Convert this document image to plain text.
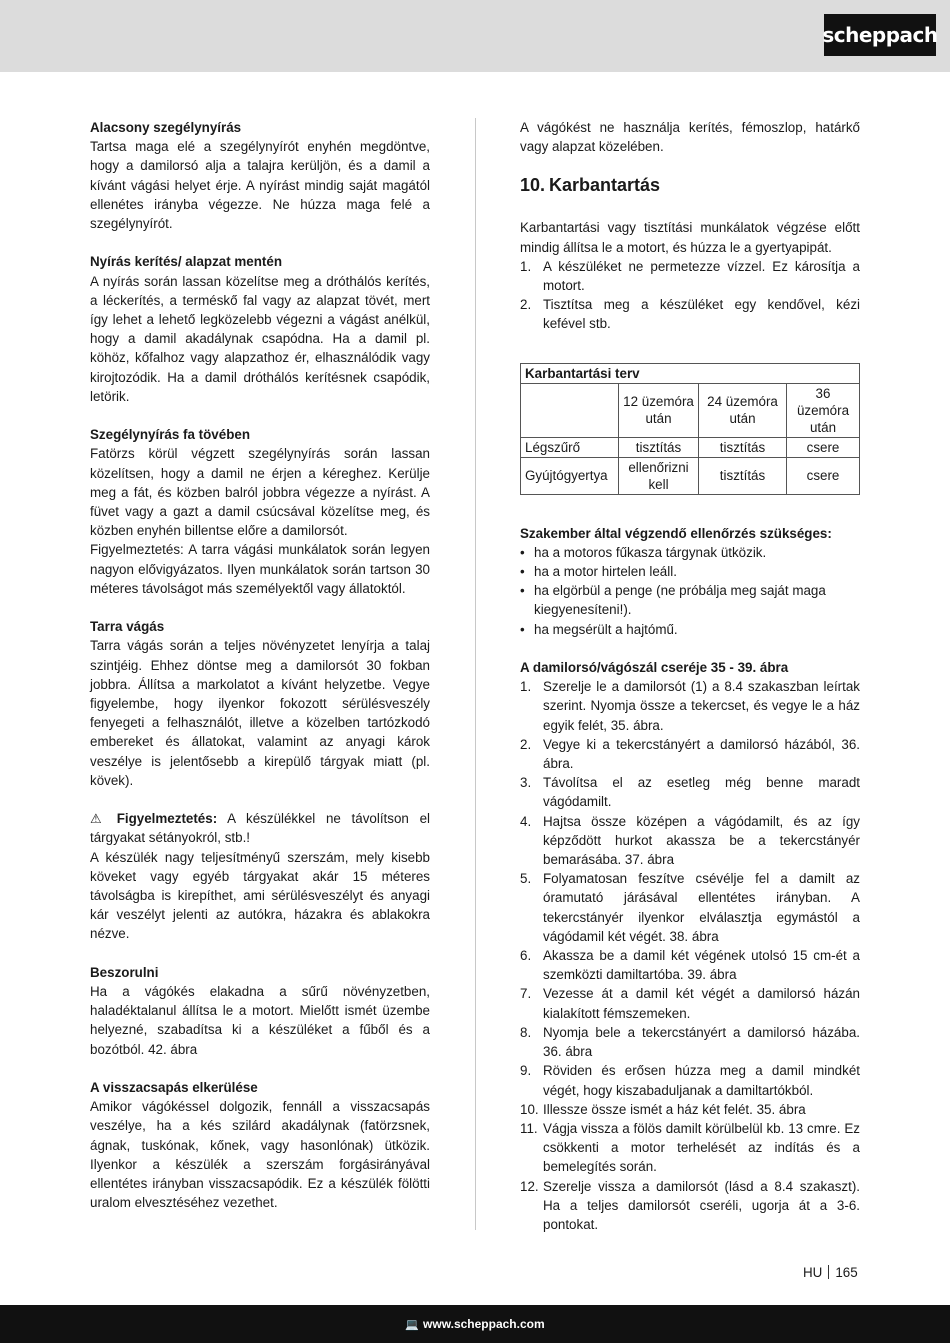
scheppach
Alacsony szegélynyírás
Tartsa maga elé a szegélynyírót enyhén megdöntve, hogy a damilorsó alja a talajra kerüljön, és a damil a kívánt vágási helyet érje. A nyírást mindig saját magától ellenétes irányba végezze. Ne húzza maga felé a szegélynyírót.
Nyírás kerítés/ alapzat mentén
A nyírás során lassan közelítse meg a dróthálós kerítés, a léckerítés, a terméskő fal vagy az alapzat tövét, mert így lehet a lehető legközelebb végezni a vágást anélkül, hogy a damil akadálynak csapódna. Ha a damil pl. köhöz, kőfalhoz vagy alapzathoz ér, elhasználódik vagy kirojtozódik. Ha a damil dróthálós kerítésnek csapódik, letörik.
Szegélynyírás fa tövében
Fatörzs körül végzett szegélynyírás során lassan közelítsen, hogy a damil ne érjen a kéreghez. Kerülje meg a fát, és közben balról jobbra végezze a nyírást. A füvet vagy a gazt a damil csúcsával közelítse meg, és közben enyhén billentse előre a damilorsót.
Figyelmeztetés: A tarra vágási munkálatok során legyen nagyon elővigyázatos. Ilyen munkálatok során tartson 30 méteres távolságot más személyektől vagy állatoktól.
Tarra vágás
Tarra vágás során a teljes növényzetet lenyírja a talaj szintjéig. Ehhez döntse meg a damilorsót 30 fokban jobbra. Állítsa a markolatot a kívánt helyzetbe. Vegye figyelembe, hogy ilyenkor fokozott sérülésveszély fenyegeti a felhasználót, illetve a közelben tartózkodó embereket és állatokat, valamint az anyagi károk veszélye is jelentősebb a kirepülő tárgyak miatt (pl. kövek).
⚠ Figyelmeztetés: A készülékkel ne távolítson el tárgyakat sétányokról, stb.!
A készülék nagy teljesítményű szerszám, mely kisebb köveket vagy egyéb tárgyakat akár 15 méteres távolságba is kirepíthet, ami sérülésveszélyt és anyagi kár veszélyt jelenti az autókra, házakra és ablakokra nézve.
Beszorulni
Ha a vágókés elakadna a sűrű növényzetben, haladéktalanul állítsa le a motort. Mielőtt ismét üzembe helyezné, szabadítsa ki a készüléket a fűből és a bozótból. 42. ábra
A visszacsapás elkerülése
Amikor vágókéssel dolgozik, fennáll a visszacsapás veszélye, ha a kés szilárd akadálynak (fatörzsnek, ágnak, tuskónak, kőnek, vagy hasonlónak) ütközik. Ilyenkor a készülék a szerszám forgásirányával ellentétes irányban visszacsapódik. Ez a készülék fölötti uralom elvesztéséhez vezethet.
A vágókést ne használja kerítés, fémoszlop, határkő vagy alapzat közelében.
10. Karbantartás
Karbantartási vagy tisztítási munkálatok végzése előtt mindig állítsa le a motort, és húzza le a gyertyapipát.
1. A készüléket ne permetezze vízzel. Ez károsítja a motort.
2. Tisztítsa meg a készüléket egy kendővel, kézi kefével stb.
Karbantartási terv			
	12 üzemóra után	24 üzemóra után	36 üzemóra után
Légszűrő	tisztítás	tisztítás	csere
Gyújtógyertya	ellenőrizni kell	tisztítás	csere
Szakember által végzendő ellenőrzés szükséges:
• ha a motoros fűkasza tárgynak ütközik.
• ha a motor hirtelen leáll.
• ha elgörbül a penge (ne próbálja meg saját maga kiegyenesíteni!).
• ha megsérült a hajtómű.
A damilorsó/vágószál cseréje 35 - 39. ábra
1. Szerelje le a damilorsót (1) a 8.4 szakaszban leírtak szerint. Nyomja össze a tekercset, és vegye le a ház egyik felét, 35. ábra.
2. Vegye ki a tekercstányért a damilorsó házából, 36. ábra.
3. Távolítsa el az esetleg még benne maradt vágódamilt.
4. Hajtsa össze középen a vágódamilt, és az így képződött hurkot akassza be a tekercstányér bemarásába. 37. ábra
5. Folyamatosan feszítve csévélje fel a damilt az óramutató járásával ellentétes irányban. A tekercstányér ilyenkor elválasztja egymástól a vágódamil két végét. 38. ábra
6. Akassza be a damil két végének utolsó 15 cm-ét a szemközti damiltartóba. 39. ábra
7. Vezesse át a damil két végét a damilorsó házán kialakított fémszemeken.
8. Nyomja bele a tekercstányért a damilorsó házába. 36. ábra
9. Röviden és erősen húzza meg a damil mindkét végét, hogy kiszabaduljanak a damiltartókból.
10. Illessze össze ismét a ház két felét. 35. ábra
11. Vágja vissza a fölös damilt körülbelül kb. 13 cmre. Ez csökkenti a motor terhelését az indítás és a bemelegítés során.
12. Szerelje vissza a damilorsót (lásd a 8.4 szakaszt). Ha a teljes damilorsót cseréli, ugorja át a 3-6. pontokat.
HU 165
💻 www.scheppach.com
